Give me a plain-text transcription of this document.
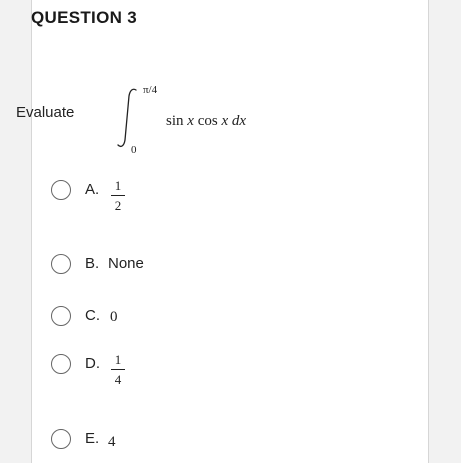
QUESTION 3
Evaluate
π/4
0
sin x cos x dx
A. 1
2
B. None
C. 0
D. 1
4
E. 4
